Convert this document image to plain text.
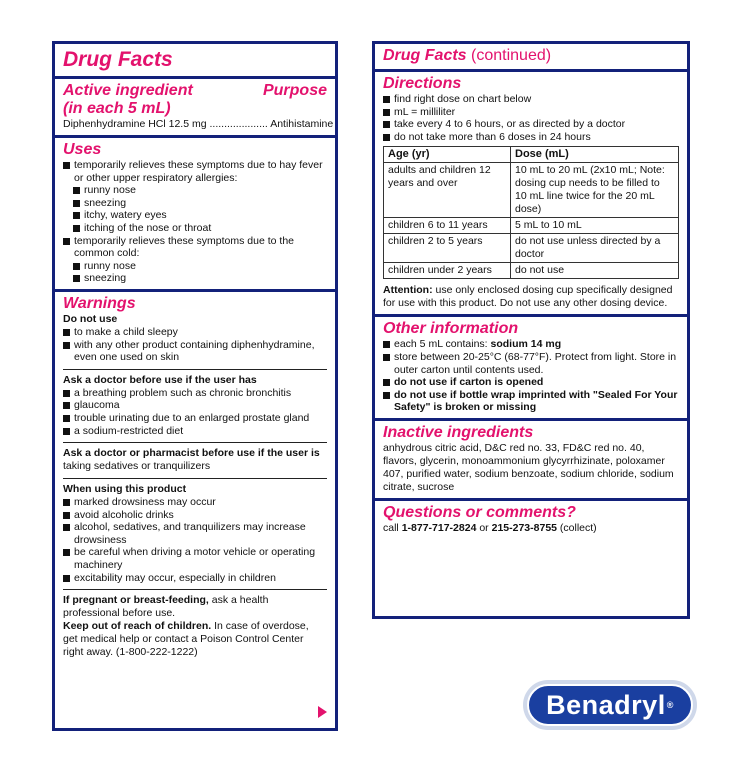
Drug Facts
Active ingredient	Purpose
(in each 5 mL)
Diphenhydramine HCl 12.5 mg .................... Antihistamine
Uses
temporarily relieves these symptoms due to hay fever or other upper respiratory allergies:
runny nose
sneezing
itchy, watery eyes
itching of the nose or throat
temporarily relieves these symptoms due to the common cold:
runny nose
sneezing
Warnings
Do not use
to make a child sleepy
with any other product containing diphenhydramine, even one used on skin
Ask a doctor before use if the user has
a breathing problem such as chronic bronchitis
glaucoma
trouble urinating due to an enlarged prostate gland
a sodium-restricted diet
Ask a doctor or pharmacist before use if the user is taking sedatives or tranquilizers
When using this product
marked drowsiness may occur
avoid alcoholic drinks
alcohol, sedatives, and tranquilizers may increase drowsiness
be careful when driving a motor vehicle or operating machinery
excitability may occur, especially in children
If pregnant or breast-feeding, ask a health professional before use.
Keep out of reach of children. In case of overdose, get medical help or contact a Poison Control Center right away. (1-800-222-1222)
Drug Facts (continued)
Directions
find right dose on chart below
mL = milliliter
take every 4 to 6 hours, or as directed by a doctor
do not take more than 6 doses in 24 hours
Age (yr)	Dose (mL)
adults and children 12 years and over	10 mL to 20 mL (2x10 mL; Note: dosing cup needs to be filled to 10 mL line twice for the 20 mL dose)
children 6 to 11 years	5 mL to 10 mL
children 2 to 5 years	do not use unless directed by a doctor
children under 2 years	do not use
Attention: use only enclosed dosing cup specifically designed for use with this product. Do not use any other dosing device.
Other information
each 5 mL contains: sodium 14 mg
store between 20-25°C (68-77°F). Protect from light. Store in outer carton until contents used.
do not use if carton is opened
do not use if bottle wrap imprinted with "Sealed For Your Safety" is broken or missing
Inactive ingredients
anhydrous citric acid, D&C red no. 33, FD&C red no. 40, flavors, glycerin, monoammonium glycyrrhizinate, poloxamer 407, purified water, sodium benzoate, sodium chloride, sodium citrate, sucrose
Questions or comments?
call 1-877-717-2824 or 215-273-8755 (collect)
Benadryl ®
